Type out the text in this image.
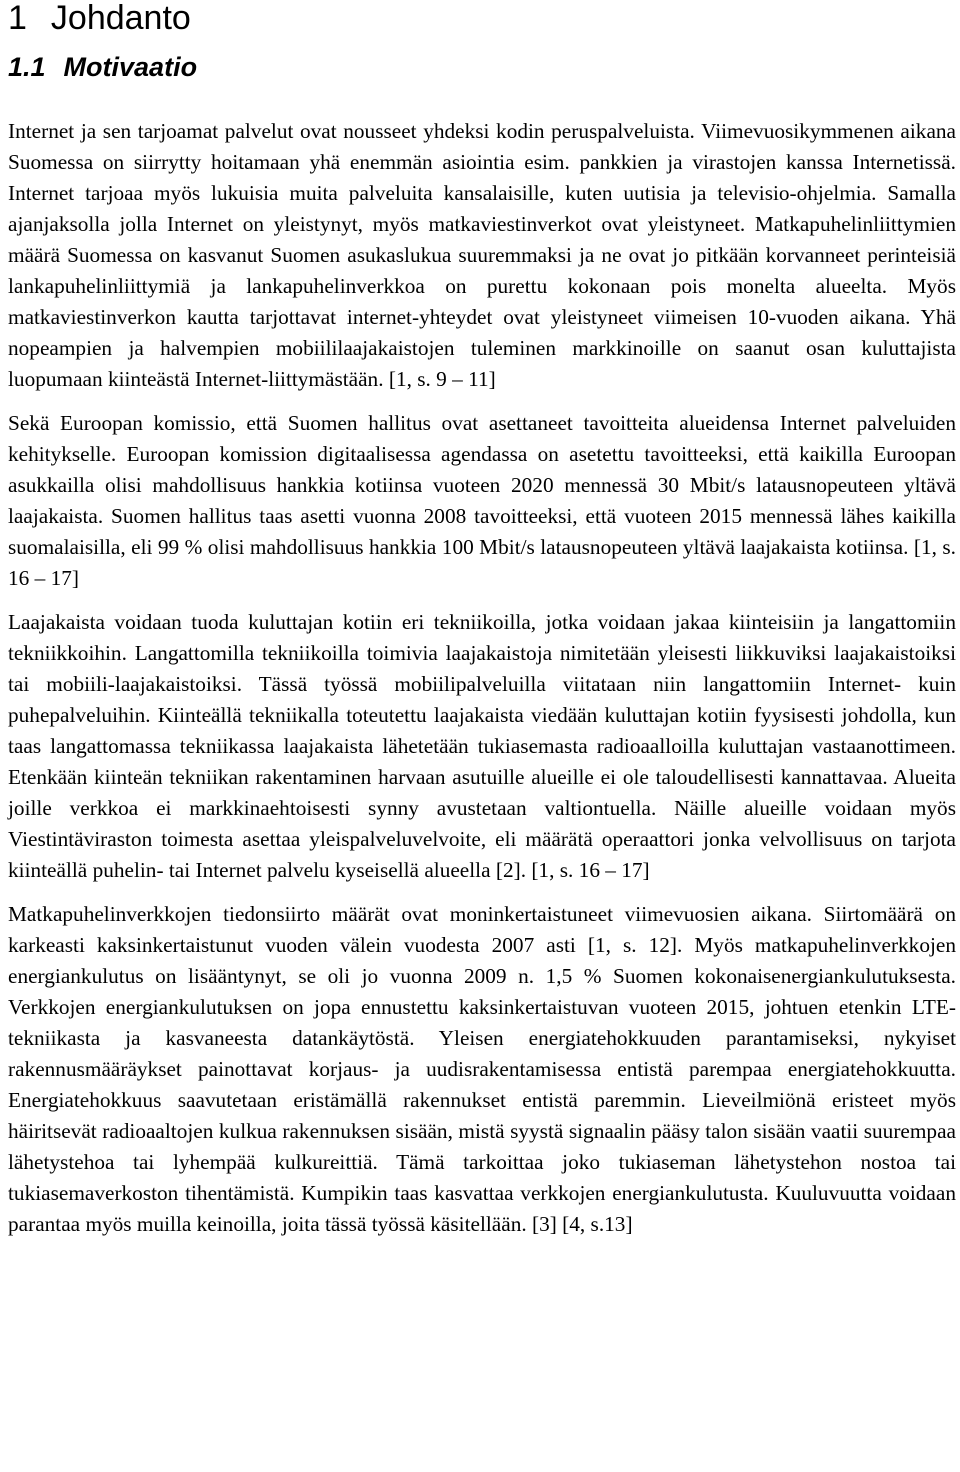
1 Johdanto
1.1 Motivaatio

Internet ja sen tarjoamat palvelut ovat nousseet yhdeksi kodin peruspalveluista. Viimevuosikymmenen aikana Suomessa on siirrytty hoitamaan yhä enemmän asiointia esim. pankkien ja virastojen kanssa Internetissä. Internet tarjoaa myös lukuisia muita palveluita kansalaisille, kuten uutisia ja televisio-ohjelmia. Samalla ajanjaksolla jolla Internet on yleistynyt, myös matkaviestinverkot ovat yleistyneet. Matkapuhelinliittymien määrä Suomessa on kasvanut Suomen asukaslukua suuremmaksi ja ne ovat jo pitkään korvanneet perinteisiä lankapuhelinliittymiä ja lankapuhelinverkkoa on purettu kokonaan pois monelta alueelta. Myös matkaviestinverkon kautta tarjottavat internet-yhteydet ovat yleistyneet viimeisen 10-vuoden aikana. Yhä nopeampien ja halvempien mobiililaajakaistojen tuleminen markkinoille on saanut osan kuluttajista luopumaan kiinteästä Internet-liittymästään. [1, s. 9 – 11]

Sekä Euroopan komissio, että Suomen hallitus ovat asettaneet tavoitteita alueidensa Internet palveluiden kehitykselle. Euroopan komission digitaalisessa agendassa on asetettu tavoitteeksi, että kaikilla Euroopan asukkailla olisi mahdollisuus hankkia kotiinsa vuoteen 2020 mennessä 30 Mbit/s latausnopeuteen yltävä laajakaista. Suomen hallitus taas asetti vuonna 2008 tavoitteeksi, että vuoteen 2015 mennessä lähes kaikilla suomalaisilla, eli 99 % olisi mahdollisuus hankkia 100 Mbit/s latausnopeuteen yltävä laajakaista kotiinsa. [1, s. 16 – 17]

Laajakaista voidaan tuoda kuluttajan kotiin eri tekniikoilla, jotka voidaan jakaa kiinteisiin ja langattomiin tekniikkoihin. Langattomilla tekniikoilla toimivia laajakaistoja nimitetään yleisesti liikkuviksi laajakaistoiksi tai mobiili-laajakaistoiksi. Tässä työssä mobiilipalveluilla viitataan niin langattomiin Internet- kuin puhepalveluihin. Kiinteällä tekniikalla toteutettu laajakaista viedään kuluttajan kotiin fyysisesti johdolla, kun taas langattomassa tekniikassa laajakaista lähetetään tukiasemasta radioaalloilla kuluttajan vastaanottimeen. Etenkään kiinteän tekniikan rakentaminen harvaan asutuille alueille ei ole taloudellisesti kannattavaa. Alueita joille verkkoa ei markkinaehtoisesti synny avustetaan valtiontuella. Näille alueille voidaan myös Viestintäviraston toimesta asettaa yleispalveluvelvoite, eli määrätä operaattori jonka velvollisuus on tarjota kiinteällä puhelin- tai Internet palvelu kyseisellä alueella [2]. [1, s. 16 – 17]

Matkapuhelinverkkojen tiedonsiirto määrät ovat moninkertaistuneet viimevuosien aikana. Siirtomäärä on karkeasti kaksinkertaistunut vuoden välein vuodesta 2007 asti [1, s. 12]. Myös matkapuhelinverkkojen energiankulutus on lisääntynyt, se oli jo vuonna 2009 n. 1,5 % Suomen kokonaisenergiankulutuksesta. Verkkojen energiankulutuksen on jopa ennustettu kaksinkertaistuvan vuoteen 2015, johtuen etenkin LTE-tekniikasta ja kasvaneesta datankäytöstä. Yleisen energiatehokkuuden parantamiseksi, nykyiset rakennusmääräykset painottavat korjaus- ja uudisrakentamisessa entistä parempaa energiatehokkuutta. Energiatehokkuus saavutetaan eristämällä rakennukset entistä paremmin. Lieveilmiönä eristeet myös häiritsevät radioaaltojen kulkua rakennuksen sisään, mistä syystä signaalin pääsy talon sisään vaatii suurempaa lähetystehoa tai lyhempää kulkureittiä. Tämä tarkoittaa joko tukiaseman lähetystehon nostoa tai tukiasemaverkoston tihentämistä. Kumpikin taas kasvattaa verkkojen energiankulutusta. Kuuluvuutta voidaan parantaa myös muilla keinoilla, joita tässä työssä käsitellään. [3] [4, s.13]
